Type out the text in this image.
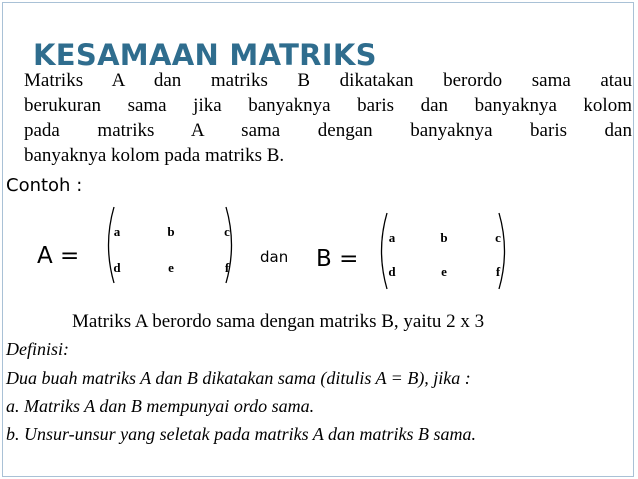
Matriks A dan matriks B dikatakan berordo sama atau
berukuran sama jika banyaknya baris dan banyaknya kolom
pada matriks A sama dengan banyaknya baris dan
banyaknya kolom pada matriks B.
KESAMAAN MATRIKS
Contoh :
A =
a	b	c
d	e	f
dan B =
a	b	c
d	e	f
Matriks A berordo sama dengan matriks B, yaitu 2 x 3
Definisi:
Dua buah matriks A dan B dikatakan sama (ditulis A = B), jika :
a. Matriks A dan B mempunyai ordo sama.
b. Unsur-unsur yang seletak pada matriks A dan matriks B sama.
